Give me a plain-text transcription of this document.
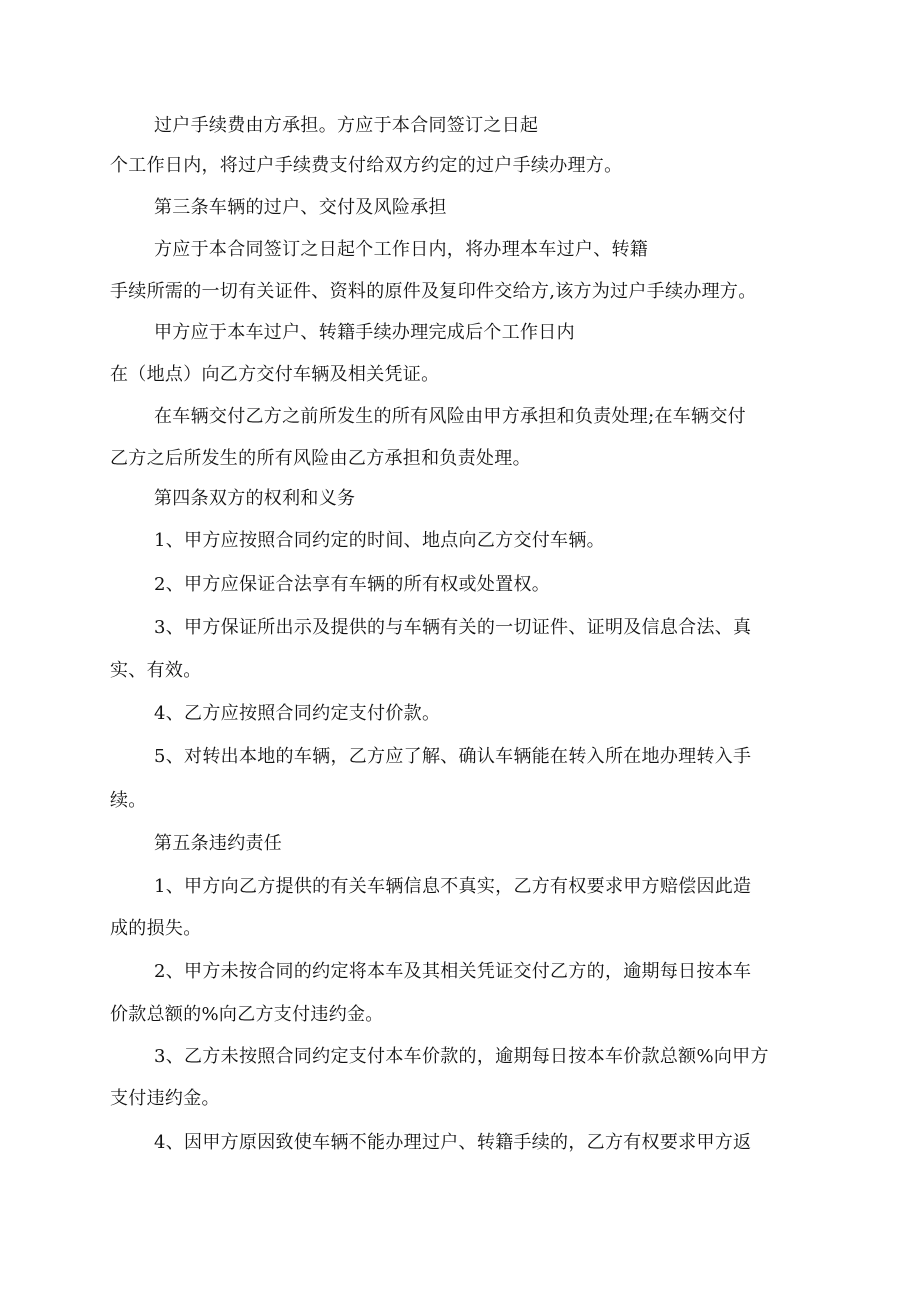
过户手续费由方承担。方应于本合同签订之日起
个工作日内，将过户手续费支付给双方约定的过户手续办理方。
第三条车辆的过户、交付及风险承担
方应于本合同签订之日起个工作日内，将办理本车过户、转籍
手续所需的一切有关证件、资料的原件及复印件交给方,该方为过户手续办理方。
甲方应于本车过户、转籍手续办理完成后个工作日内
在（地点）向乙方交付车辆及相关凭证。
在车辆交付乙方之前所发生的所有风险由甲方承担和负责处理;在车辆交付
乙方之后所发生的所有风险由乙方承担和负责处理。
第四条双方的权利和义务
1、甲方应按照合同约定的时间、地点向乙方交付车辆。
2、甲方应保证合法享有车辆的所有权或处置权。
3、甲方保证所出示及提供的与车辆有关的一切证件、证明及信息合法、真
实、有效。
4、乙方应按照合同约定支付价款。
5、对转出本地的车辆，乙方应了解、确认车辆能在转入所在地办理转入手
续。
第五条违约责任
1、甲方向乙方提供的有关车辆信息不真实，乙方有权要求甲方赔偿因此造
成的损失。
2、甲方未按合同的约定将本车及其相关凭证交付乙方的，逾期每日按本车
价款总额的%向乙方支付违约金。
3、乙方未按照合同约定支付本车价款的，逾期每日按本车价款总额%向甲方
支付违约金。
4、因甲方原因致使车辆不能办理过户、转籍手续的，乙方有权要求甲方返
